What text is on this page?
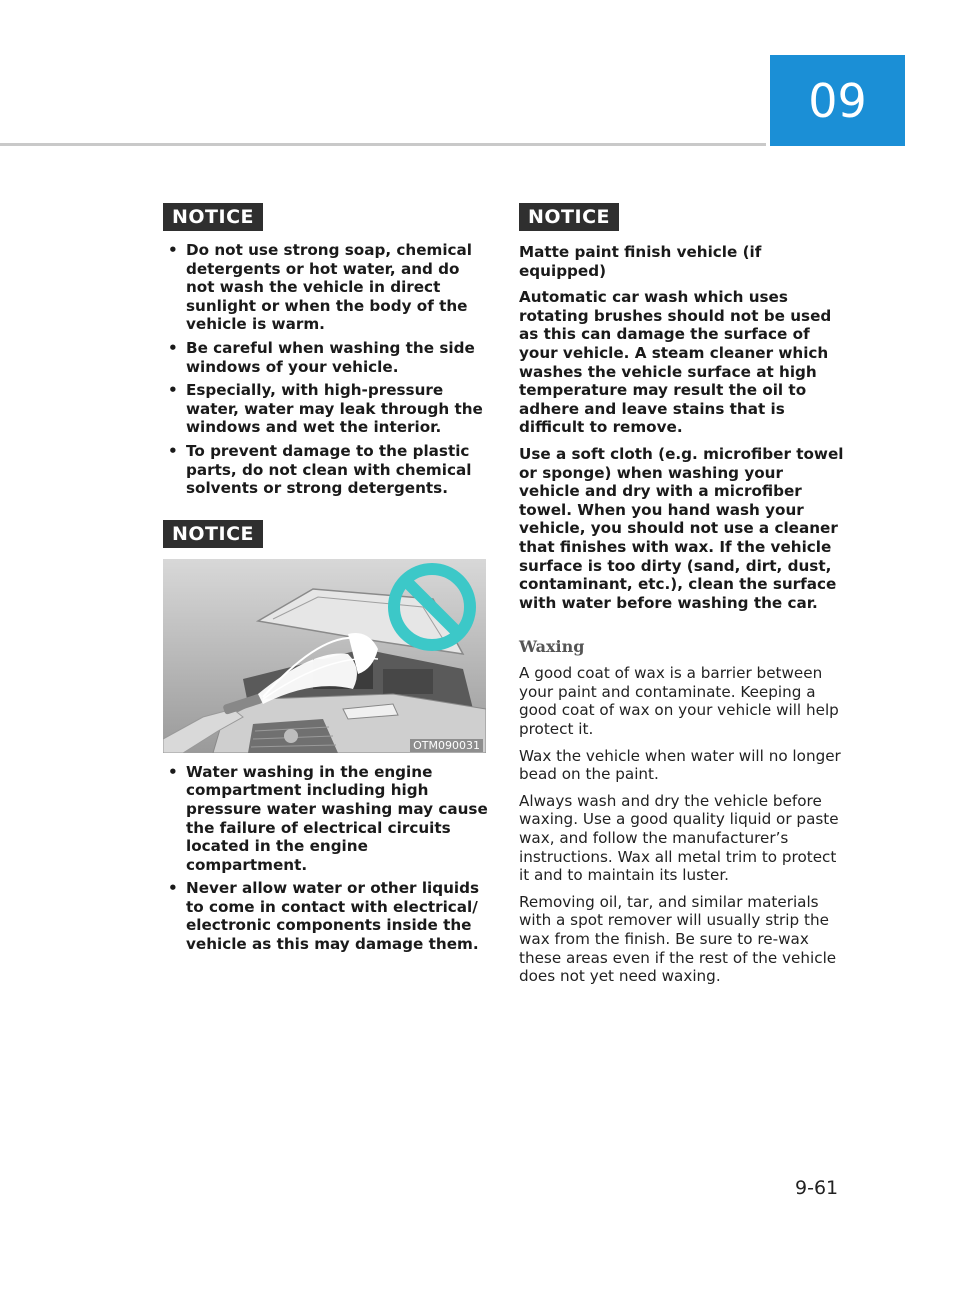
09
NOTICE
• Do not use strong soap, chemical detergents or hot water, and do not wash the vehicle in direct sunlight or when the body of the vehicle is warm.
• Be careful when washing the side windows of your vehicle.
• Especially, with high-pressure water, water may leak through the windows and wet the interior.
• To prevent damage to the plastic parts, do not clean with chemical solvents or strong detergents.
NOTICE
OTM090031
• Water washing in the engine compartment including high pressure water washing may cause the failure of electrical circuits located in the engine compartment.
• Never allow water or other liquids to come in contact with electrical/ electronic components inside the vehicle as this may damage them.
NOTICE

Matte paint finish vehicle (if equipped)

Automatic car wash which uses rotating brushes should not be used as this can damage the surface of your vehicle. A steam cleaner which washes the vehicle surface at high temperature may result the oil to adhere and leave stains that is difficult to remove.

Use a soft cloth (e.g. microfiber towel or sponge) when washing your vehicle and dry with a microfiber towel. When you hand wash your vehicle, you should not use a cleaner that finishes with wax. If the vehicle surface is too dirty (sand, dirt, dust, contaminant, etc.), clean the surface with water before washing the car.

Waxing

A good coat of wax is a barrier between your paint and contaminate. Keeping a good coat of wax on your vehicle will help protect it.

Wax the vehicle when water will no longer bead on the paint.

Always wash and dry the vehicle before waxing. Use a good quality liquid or paste wax, and follow the manufacturer’s instructions. Wax all metal trim to protect it and to maintain its luster.

Removing oil, tar, and similar materials with a spot remover will usually strip the wax from the finish. Be sure to re-wax these areas even if the rest of the vehicle does not yet need waxing.

9-61
